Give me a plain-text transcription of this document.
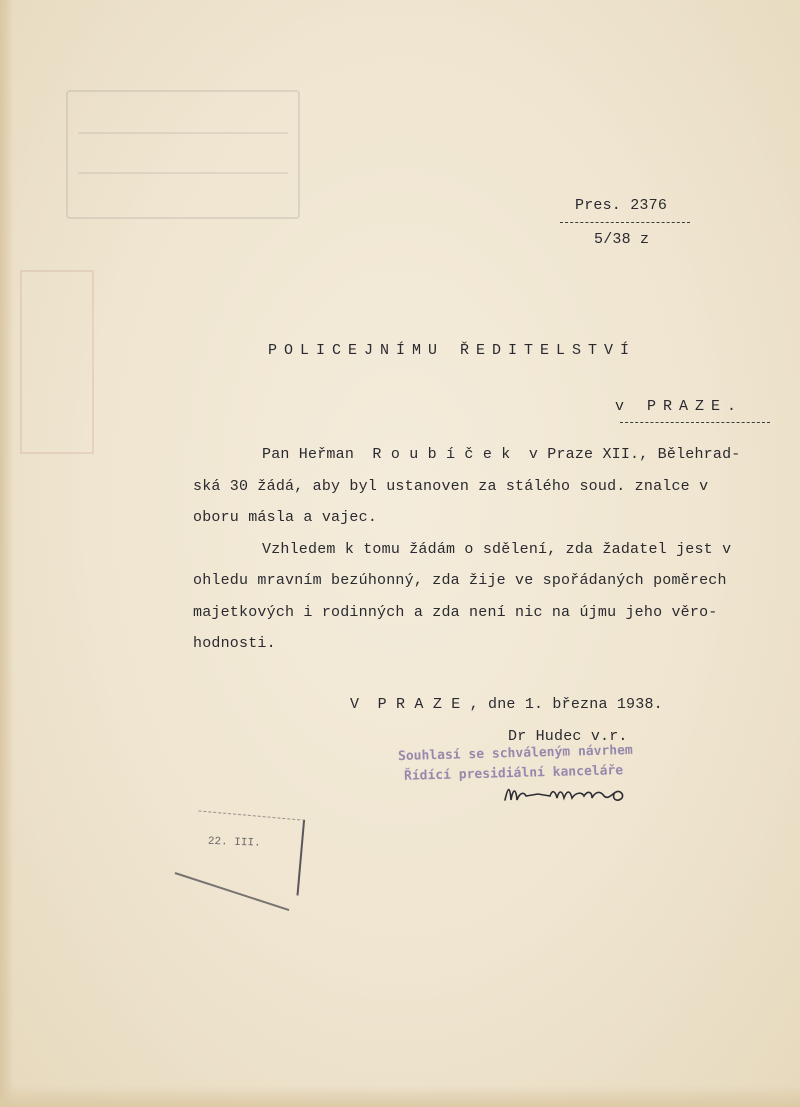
Pres. 2376
5/38 z
POLICEJNÍMU ŘEDITELSTVÍ
v PRAZE.
Pan Heřman  R o u b í č e k  v Praze XII., Bělehrad-
ská 30 žádá, aby byl ustanoven za stálého soud. znalce v
oboru másla a vajec.
Vzhledem k tomu žádám o sdělení, zda žadatel jest v
ohledu mravním bezúhonný, zda žije ve spořádaných poměrech
majetkových i rodinných a zda není nic na újmu jeho věro-
hodnosti.
V  P R A Z E , dne 1. března 1938.
Dr Hudec v.r.
Souhlasí se schváleným návrhem
Řídící presidiální kanceláře
22. III.
